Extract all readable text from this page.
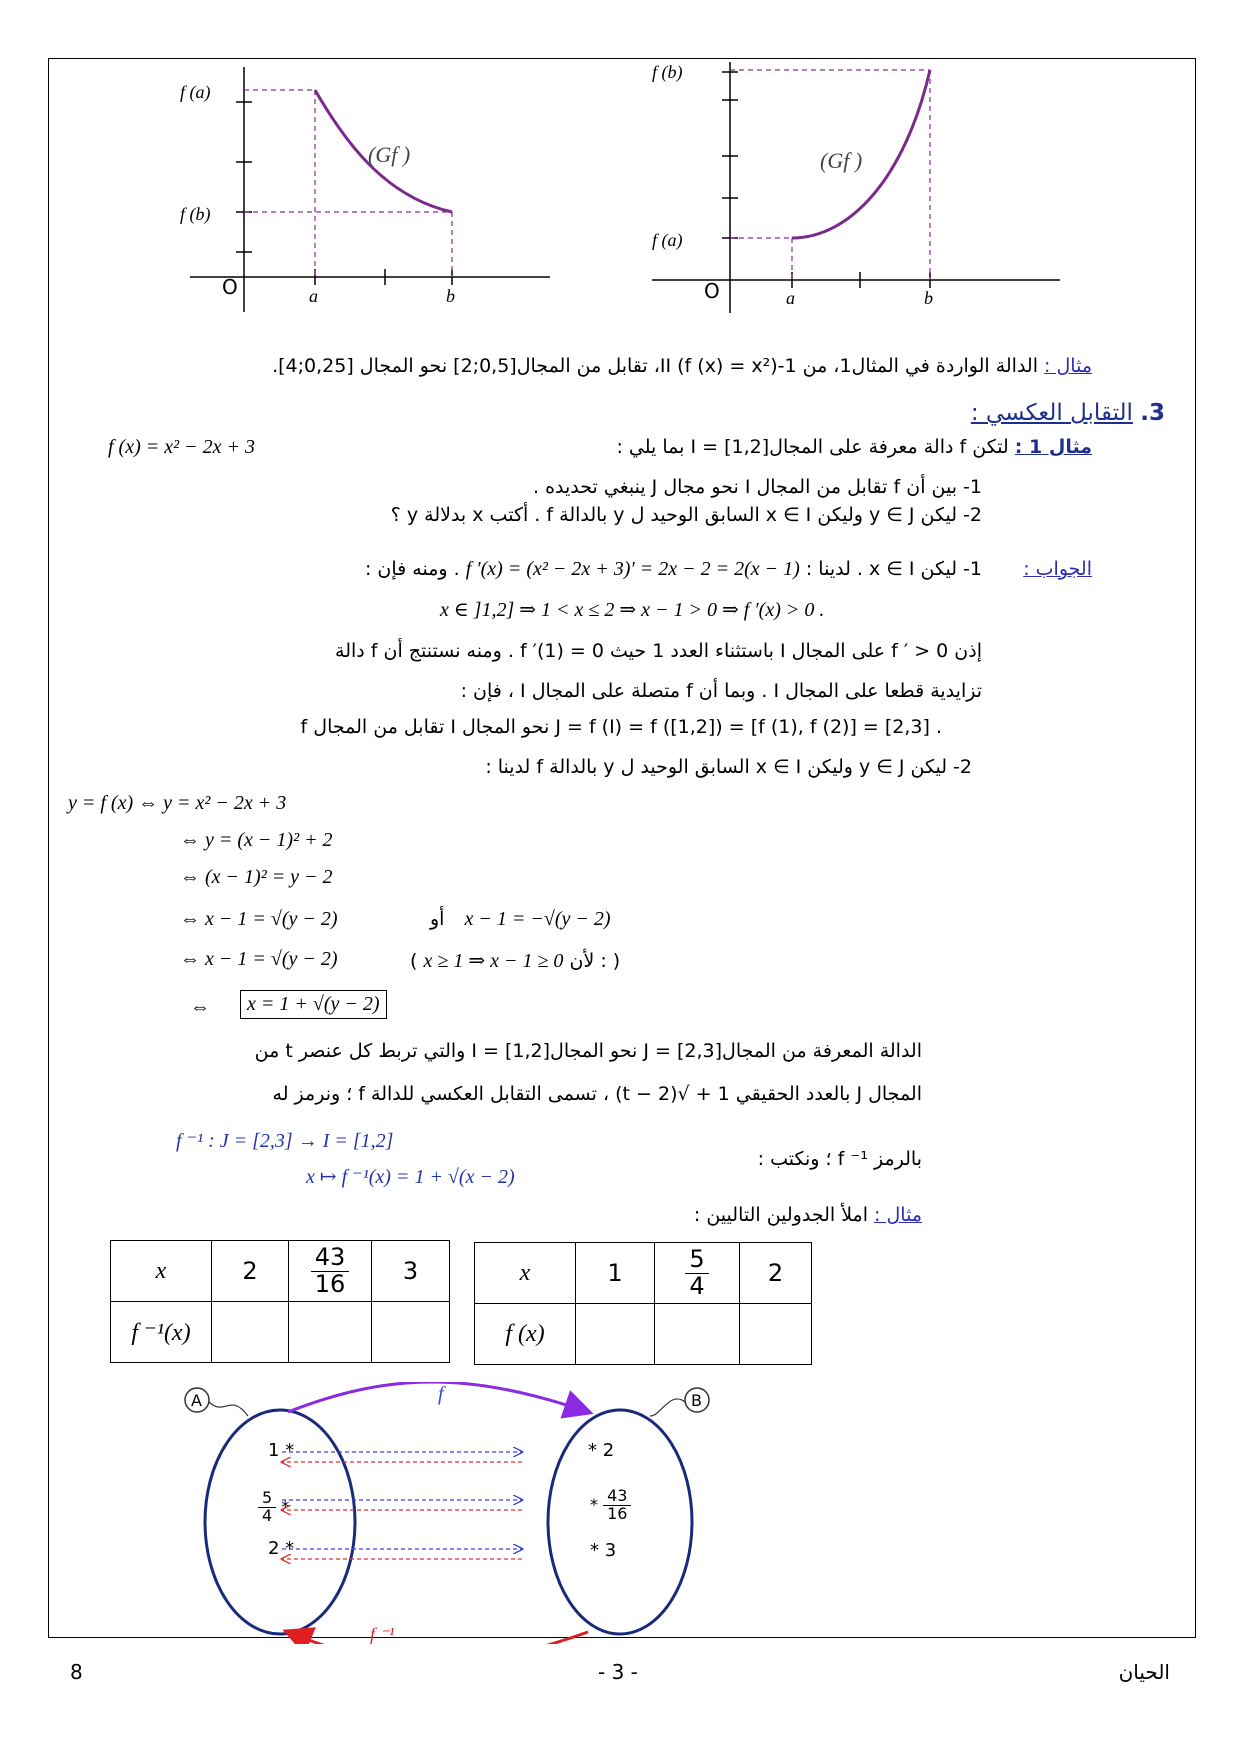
f (a)
f (b)
O	a	b
(Gf )
f (b)
f (a)
O	a	b
(Gf )
مثال : الدالة الواردة في المثال1، من 1-II (f (x) = x²)، تقابل من المجال[0,5;2] نحو المجال [0,25;4].
3. التقابل العكسي :
مثال 1 : لتكن f دالة معرفة على المجال[1,2] = I بما يلي :
f (x) = x² − 2x + 3
1- بين أن f تقابل من المجال I نحو مجال J ينبغي تحديده .
2- ليكن y ∈ J وليكن x ∈ I السابق الوحيد ل y بالدالة f . أكتب x بدلالة y ؟
الجواب :
1- ليكن x ∈ I . لدينا : f ′(x) = (x² − 2x + 3)′ = 2x − 2 = 2(x − 1) . ومنه فإن :
x ∈ ]1,2] ⇒ 1 < x ≤ 2 ⇒ x − 1 > 0 ⇒ f ′(x) > 0 .
إذن f ′ > 0 على المجال I باستثناء العدد 1 حيث f ′(1) = 0 . ومنه نستنتج أن f دالة
تزايدية قطعا على المجال I . وبما أن f متصلة على المجال I ، فإن :
f تقابل من المجال I نحو المجال J = f (I) = f ([1,2]) = [f (1), f (2)] = [2,3] .
2- ليكن y ∈ J وليكن x ∈ I السابق الوحيد ل y بالدالة f لدينا :
y = f (x) ⇔ y = x² − 2x + 3
⇔ y = (x − 1)² + 2
⇔ (x − 1)² = y − 2
⇔ x − 1 = √(y − 2)	أو x − 1 = −√(y − 2)
⇔ x − 1 = √(y − 2)	( x ≥ 1 ⇒ x − 1 ≥ 0 لأن : )
⇔	x = 1 + √(y − 2)
الدالة المعرفة من المجال[2,3] = J نحو المجال[1,2] = I والتي تربط كل عنصر t من
المجال J بالعدد الحقيقي 1 + √(t − 2) ، تسمى التقابل العكسي للدالة f ؛ ونرمز له
بالرمز f ⁻¹ ؛ ونكتب :
f ⁻¹ : J = [2,3] → I = [1,2]
x ↦ f ⁻¹(x) = 1 + √(x − 2)
مثال : املأ الجدولين التاليين :
x	2	$\frac{43}{16}$	3
f ⁻¹(x)			
x	1	$\frac{5}{4}$	2
f (x)			
A	B
f
f ⁻¹
1 *
$\frac{5}{4}$ *
2 *
* 2
* $\frac{43}{16}$
* 3
8	- 3 -	الحيان
